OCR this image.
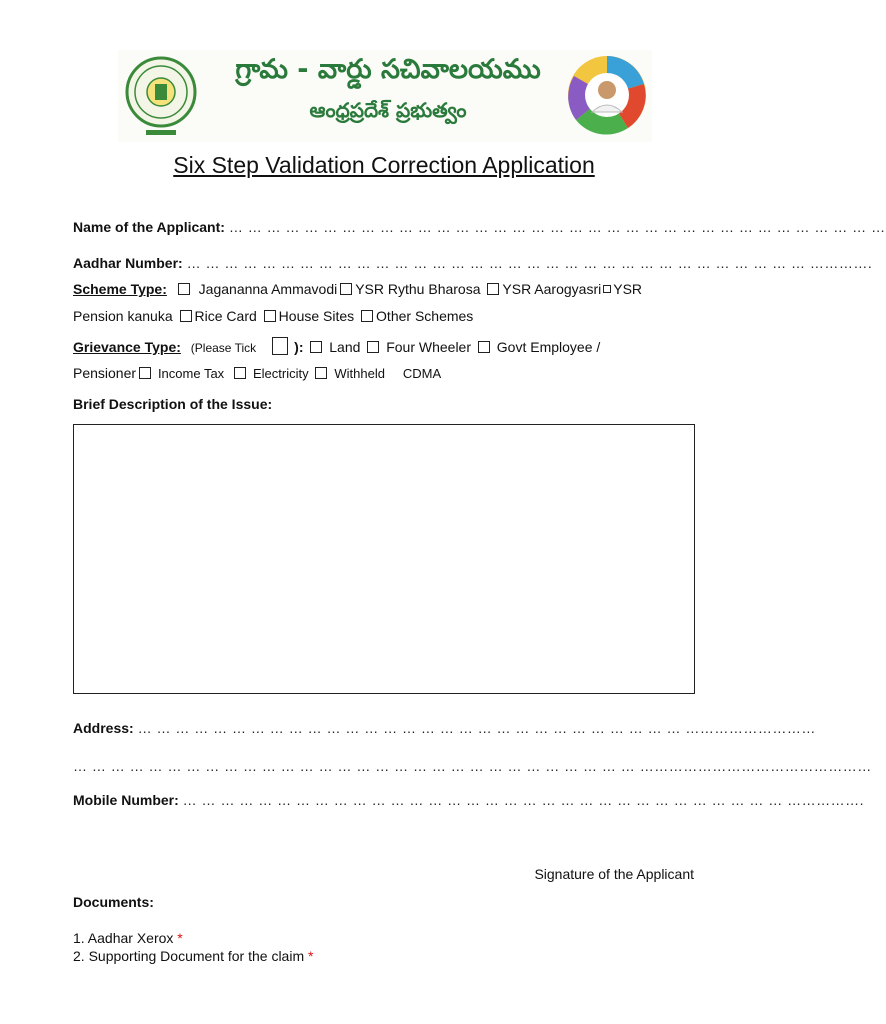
గ్రామ - వార్డు సచివాలయము
ఆంధ్రప్రదేశ్ ప్రభుత్వం
Six Step Validation Correction Application
Name of the Applicant: … … … … … … … … … … … … … … … … … … … … … … … … … … … … … … … … … … …
Aadhar Number: … … … … … … … … … … … … … … … … … … … … … … … … … … … … … … … … … ………….
Scheme Type: Jagananna Ammavodi YSR Rythu Bharosa YSR Aarogyasri YSR
Pension kanuka Rice Card House Sites Other Schemes
Grievance Type: (Please Tick	): Land Four Wheeler Govt Employee /
Pensioner Income Tax Electricity Withheld CDMA
Brief Description of the Issue:
Address: … … … … … … … … … … … … … … … … … … … … … … … … … … … … … ………………………
… … … … … … … … … … … … … … … … … … … … … … … … … … … … … … …………………………………………
Mobile Number: … … … … … … … … … … … … … … … … … … … … … … … … … … … … … … … … …………….
Signature of the Applicant
Documents:
1. Aadhar Xerox *
2. Supporting Document for the claim *
